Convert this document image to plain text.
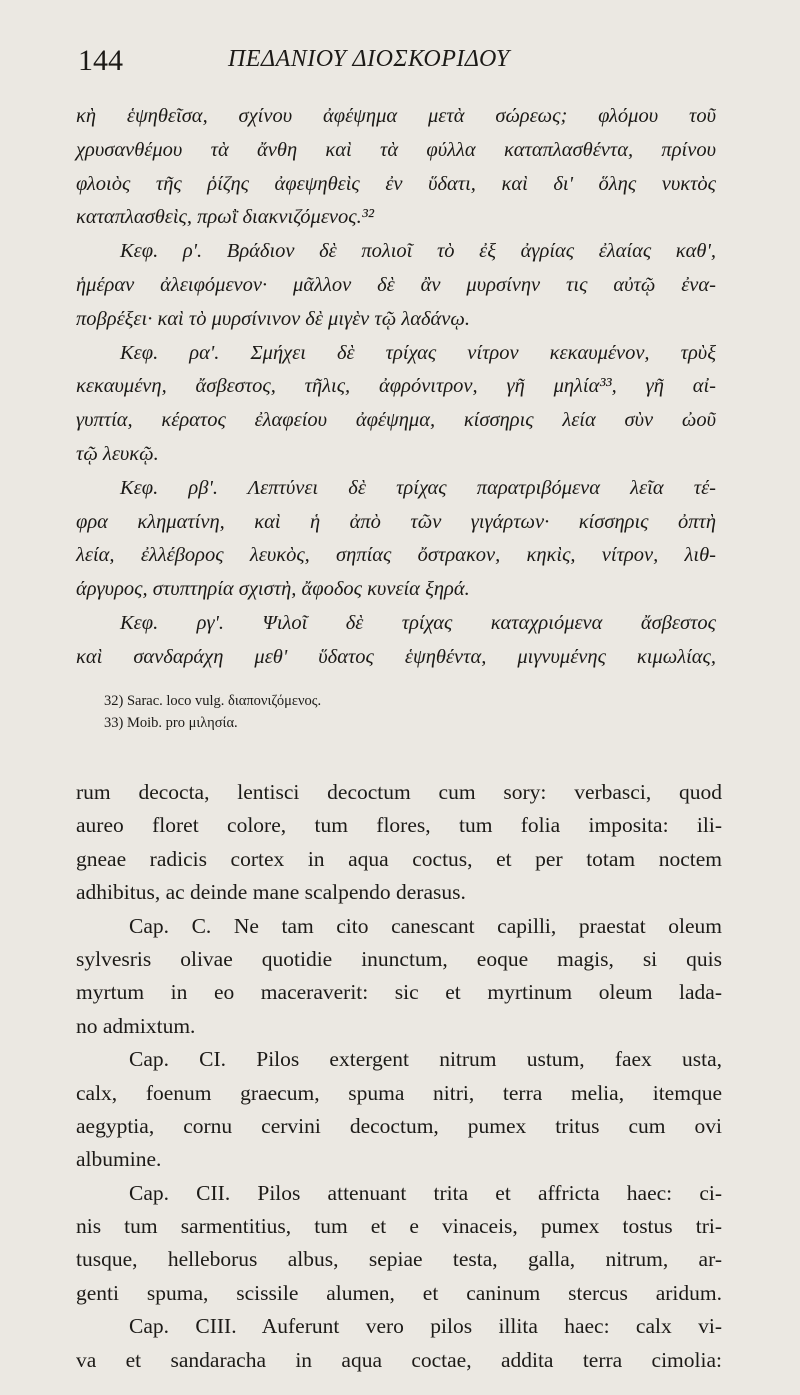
144	ΠΕΔΑΝΙΟΥ ΔΙΟΣΚΟΡΙΔΟΥ
κὴ ἑψηθεῖσα, σχίνου ἀφέψημα μετὰ σώρεως; φλόμου τοῦ
χρυσανθέμου τὰ ἄνθη καὶ τὰ φύλλα καταπλασθέντα, πρίνου
φλοιὸς τῆς ῥίζης ἀφεψηθεὶς ἐν ὕδατι, καὶ δι' ὅλης νυκτὸς
καταπλασθεὶς, πρωῒ διακνιζόμενος.³²
Κεφ. ρ'. Βράδιον δὲ πολιοῖ τὸ ἐξ ἀγρίας ἐλαίας καθ',
ἡμέραν ἀλειφόμενον· μᾶλλον δὲ ἂν μυρσίνην τις αὐτῷ ἐνα-
ποβρέξει· καὶ τὸ μυρσίνινον δὲ μιγὲν τῷ λαδάνῳ.
Κεφ. ρα'. Σμήχει δὲ τρίχας νίτρον κεκαυμένον, τρὺξ
κεκαυμένη, ἄσβεστος, τῆλις, ἀφρόνιτρον, γῆ μηλία³³, γῆ αἰ-
γυπτία, κέρατος ἐλαφείου ἀφέψημα, κίσσηρις λεία σὺν ὠοῦ
τῷ λευκῷ.
Κεφ. ρβ'. Λεπτύνει δὲ τρίχας παρατριβόμενα λεῖα τέ-
φρα κληματίνη, καὶ ἡ ἀπὸ τῶν γιγάρτων· κίσσηρις ὀπτὴ
λεία, ἐλλέβορος λευκὸς, σηπίας ὄστρακον, κηκὶς, νίτρον, λιθ-
άργυρος, στυπτηρία σχιστὴ, ἄφοδος κυνεία ξηρά.
Κεφ. ργ'. Ψιλοῖ δὲ τρίχας καταχριόμενα ἄσβεστος
καὶ σανδαράχη μεθ' ὕδατος ἑψηθέντα, μιγνυμένης κιμωλίας,
32) Sarac. loco vulg. διαπονιζόμενος.
33) Moib. pro μιλησία.
rum decocta, lentisci decoctum cum sory: verbasci, quod
aureo floret colore, tum flores, tum folia imposita: ili-
gneae radicis cortex in aqua coctus, et per totam noctem
adhibitus, ac deinde mane scalpendo derasus.
Cap. C. Ne tam cito canescant capilli, praestat oleum
sylvesris olivae quotidie inunctum, eoque magis, si quis
myrtum in eo maceraverit: sic et myrtinum oleum lada-
no admixtum.
Cap. CI. Pilos extergent nitrum ustum, faex usta,
calx, foenum graecum, spuma nitri, terra melia, itemque
aegyptia, cornu cervini decoctum, pumex tritus cum ovi
albumine.
Cap. CII. Pilos attenuant trita et affricta haec: ci-
nis tum sarmentitius, tum et e vinaceis, pumex tostus tri-
tusque, helleborus albus, sepiae testa, galla, nitrum, ar-
genti spuma, scissile alumen, et caninum stercus aridum.
Cap. CIII. Auferunt vero pilos illita haec: calx vi-
va et sandaracha in aqua coctae, addita terra cimolia:
